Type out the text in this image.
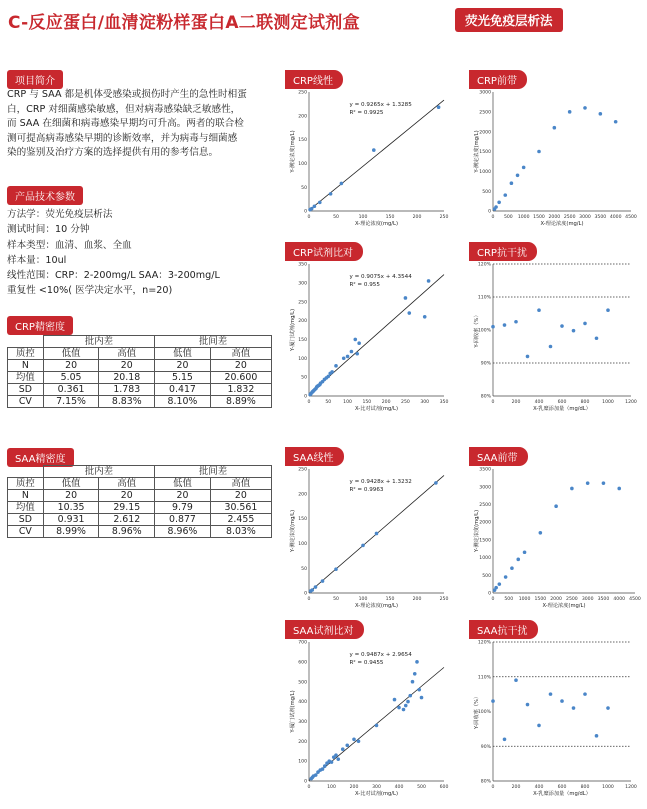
C-反应蛋白/血清淀粉样蛋白A二联测定试剂盒	荧光免疫层析法
项目简介
CRP 与 SAA 都是机体受感染或损伤时产生的急性时相蛋
白，CRP 对细菌感染敏感，但对病毒感染缺乏敏感性，
而 SAA 在细菌和病毒感染早期均可升高。两者的联合检
测可提高病毒感染早期的诊断效率，并为病毒与细菌感
染的鉴别及治疗方案的选择提供有用的参考信息。
产品技术参数
方法学：荧光免疫层析法
测试时间：10 分钟
样本类型：血清、血浆、全血
样本量：10ul
线性范围：CRP：2-200mg/L SAA：3-200mg/L
重复性 <10%( 医学决定水平，n=20)
CRP精密度
	批内差		批间差	
质控	低值	高值	低值	高值
N	20	20	20	20
均值	5.05	20.18	5.15	20.600
SD	0.361	1.783	0.417	1.832
CV	7.15%	8.83%	8.10%	8.89%
SAA精密度
	批内差		批间差	
质控	低值	高值	低值	高值
N	20	20	20	20
均值	10.35	29.15	9.79	30.561
SD	0.931	2.612	0.877	2.455
CV	8.99%	8.96%	8.96%	8.03%
CRP线性
0	50	100	150	200	250
0
50
100
150
200
250
X-理论浓度(mg/L)
Y-测定浓度(mg/L)
y = 0.9265x + 1.3285
R² = 0.9925
CRP前带
0 500 1000 1500 2000 2500 3000 3500 4000 4500
0
500
1000
1500
2000
2500
3000
X-理论浓度(mg/L)
Y-测定浓度(mg/L)
CRP试剂比对
0	50	100 150 200 250 300 350
0
50
100
150
200
250
300
350
X-比对试剂(mg/L)
Y-厦门试剂(mg/L)
y = 0.9075x + 4.3544
R² = 0.955
CRP抗干扰
0	200	400	600	800	1000 1200
80%
90%
100%
110%
120%
X-乳糜添加量（mg/dL）
Y-回收率（%）
SAA线性
0	50	100	150	200	250
0
50
100
150
200
250
X-理论浓度(mg/L)
Y-测定浓度(mg/L)
y = 0.9428x + 1.3232
R² = 0.9963
SAA前带
0 500 1000 1500 2000 2500 3000 3500 4000 4500
0
500
1000
1500
2000
2500
3000
3500
X-理论浓度(mg/L)
Y-测定浓度(mg/L)
SAA试剂比对
0	100	200	300	400	500	600
0
100
200
300
400
500
600
700
X-比对试剂(mg/L)
Y-厦门试剂(mg/L)
y = 0.9487x + 2.9654
R² = 0.9455
SAA抗干扰
0	200	400	600	800	1000 1200
80%
90%
100%
110%
120%
X-乳糜添加量（mg/dL）
Y-回收率（%）
